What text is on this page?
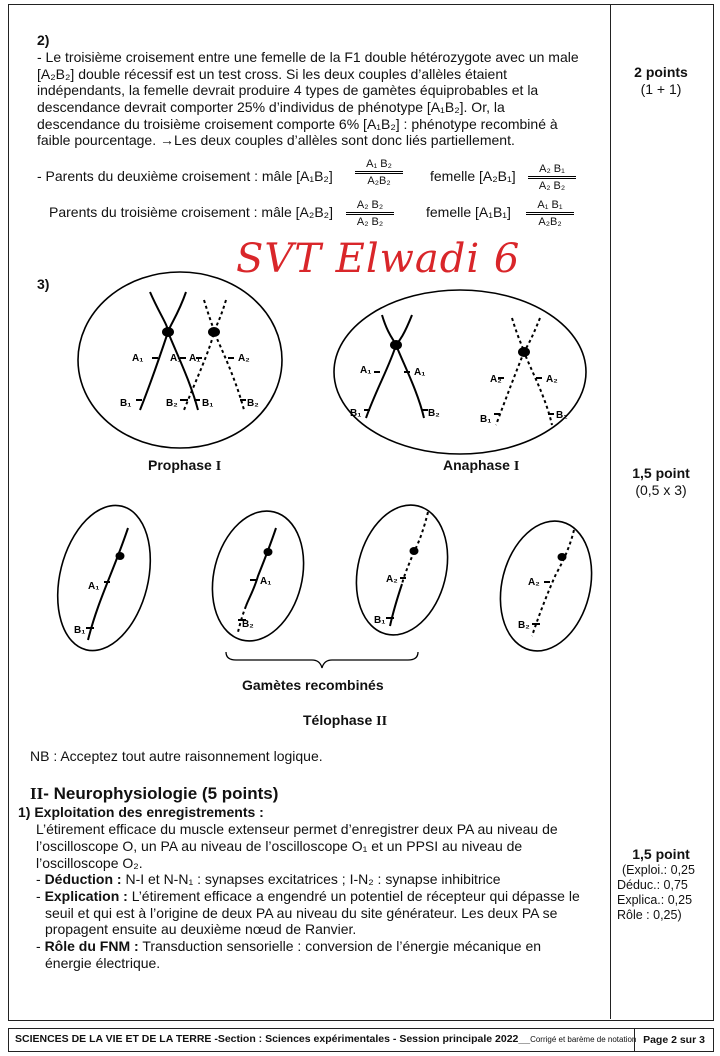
2)
- Le troisième croisement entre une femelle de la F1 double hétérozygote avec un male
[A₂B₂] double récessif est un test cross. Si les deux couples d’allèles étaient
indépendants, la femelle devrait produire 4 types de gamètes équiprobables et la
descendance devrait comporter 25% d’individus de phénotype [A₁B₂]. Or, la
descendance du troisième croisement comporte 6% [A₁B₂] : phénotype recombiné à
faible pourcentage. →Les deux couples d’allèles sont donc liés partiellement.
2 points
(1 + 1)
- Parents du deuxième croisement : mâle [A₁B₂]
A₁ B₂
A₂B₂	femelle [A₂B₁]	A₂ B₁
A₂ B₂
Parents du troisième croisement : mâle [A₂B₂]	A₂ B₂
A₂ B₂
femelle [A₁B₁]	A₁ B₁
A₂B₂
SVT Elwadi 6
3)
A₁	A₁ A₁	A₂
B₁	B₂ B₁	B₂
A₁	A₁
A₂	A₂
B₁	B₂
B₁	B₂
A₁
B₁
A₁
B₂
A₂
B₁
A₂
B₂
Prophase I	Anaphase I	1,5 point
(0,5 x 3)
Gamètes recombinés
Télophase II
NB : Acceptez tout autre raisonnement logique.
II- Neurophysiologie (5 points)
1) Exploitation des enregistrements :
L’étirement efficace du muscle extenseur permet d’enregistrer deux PA au niveau de
l’oscilloscope O, un PA au niveau de l’oscilloscope O₁ et un PPSI au niveau de
l’oscilloscope O₂.
- Déduction : N-I et N-N₁ : synapses excitatrices ; I-N₂ : synapse inhibitrice
- Explication : L’étirement efficace a engendré un potentiel de récepteur qui dépasse le
seuil et qui est à l’origine de deux PA au niveau du site générateur. Les deux PA se
propagent ensuite au deuxième nœud de Ranvier.
- Rôle du FNM : Transduction sensorielle : conversion de l’énergie mécanique en
énergie électrique.
1,5 point
(Exploi.: 0,25
Déduc.: 0,75
Explica.: 0,25
Rôle : 0,25)
SCIENCES DE LA VIE ET DE LA TERRE -Section : Sciences expérimentales - Session principale 2022__Corrigé et barème de notation Page 2 sur 3
